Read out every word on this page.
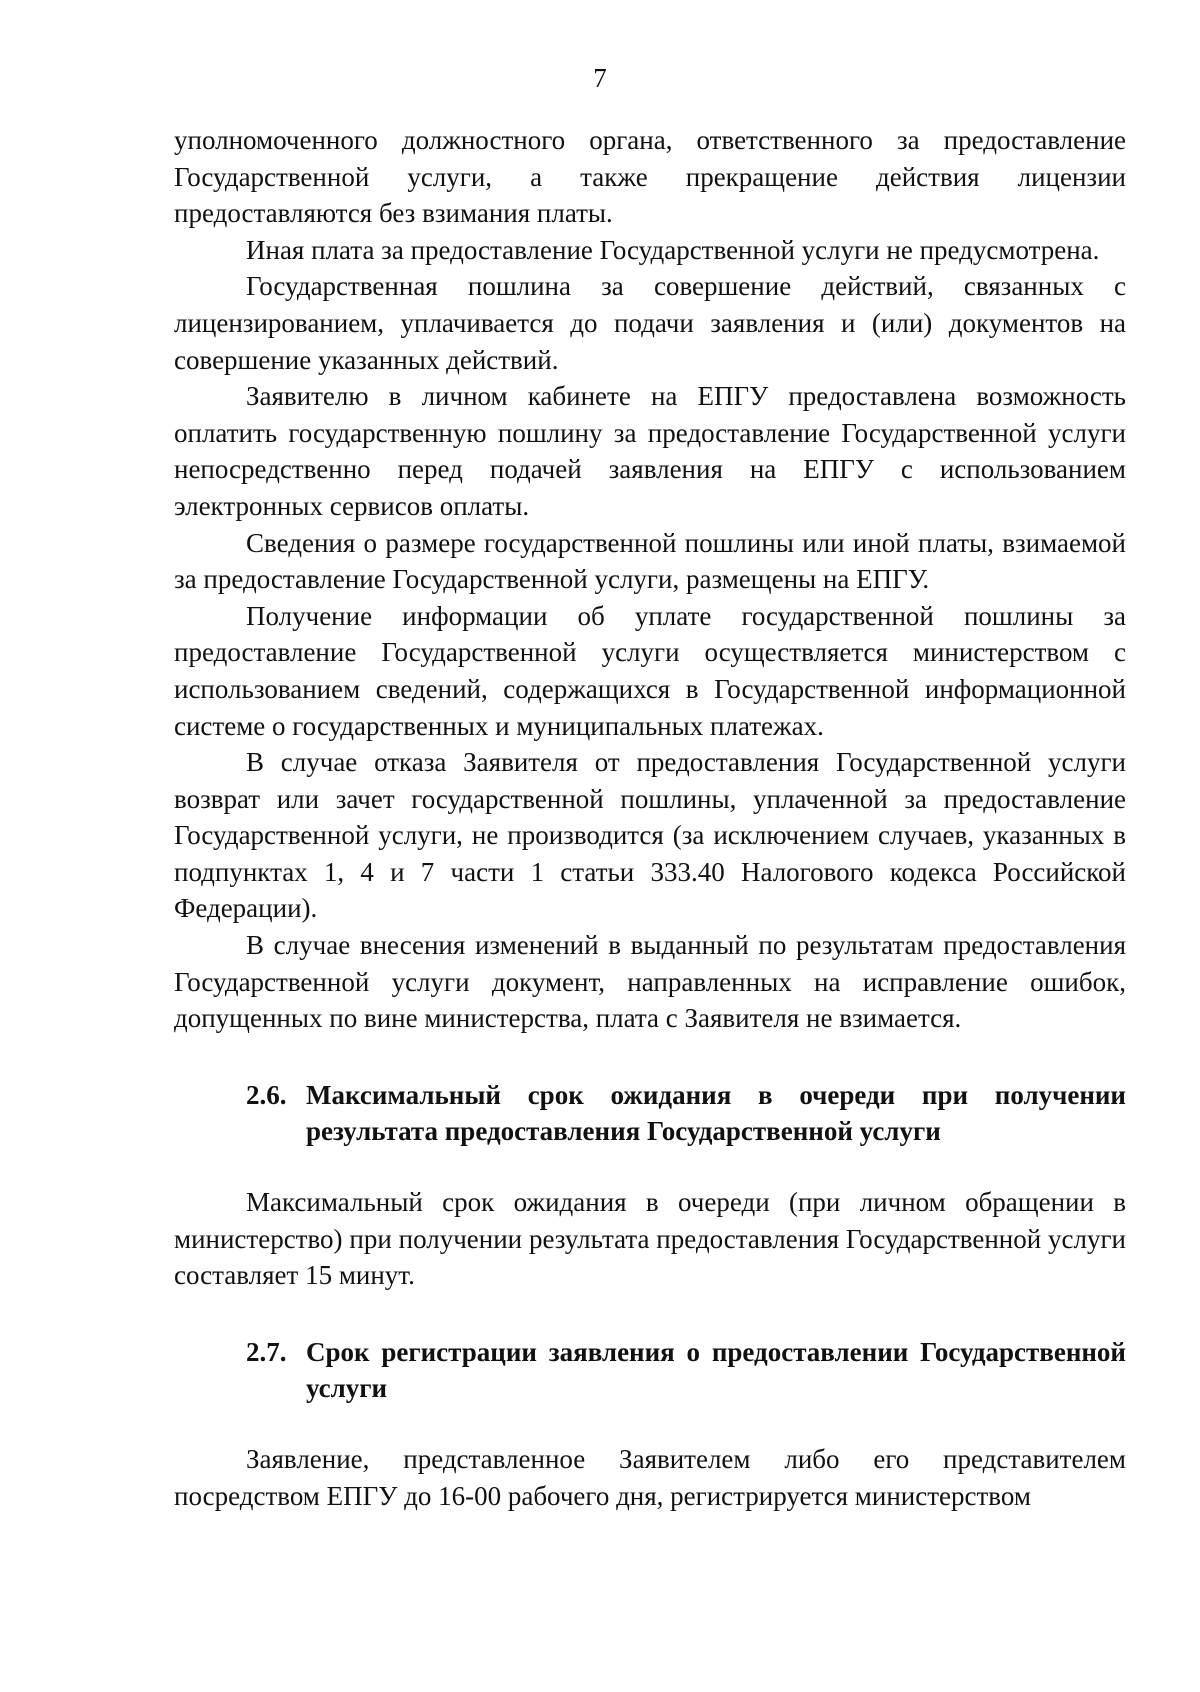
7

уполномоченного должностного органа, ответственного за предоставление Государственной услуги, а также прекращение действия лицензии предоставляются без взимания платы.

Иная плата за предоставление Государственной услуги не предусмотрена.

Государственная пошлина за совершение действий, связанных с лицензированием, уплачивается до подачи заявления и (или) документов на совершение указанных действий.

Заявителю в личном кабинете на ЕПГУ предоставлена возможность оплатить государственную пошлину за предоставление Государственной услуги непосредственно перед подачей заявления на ЕПГУ с использованием электронных сервисов оплаты.

Сведения о размере государственной пошлины или иной платы, взимаемой за предоставление Государственной услуги, размещены на ЕПГУ.

Получение информации об уплате государственной пошлины за предоставление Государственной услуги осуществляется министерством с использованием сведений, содержащихся в Государственной информационной системе о государственных и муниципальных платежах.

В случае отказа Заявителя от предоставления Государственной услуги возврат или зачет государственной пошлины, уплаченной за предоставление Государственной услуги, не производится (за исключением случаев, указанных в подпунктах 1, 4 и 7 части 1 статьи 333.40 Налогового кодекса Российской Федерации).

В случае внесения изменений в выданный по результатам предоставления Государственной услуги документ, направленных на исправление ошибок, допущенных по вине министерства, плата с Заявителя не взимается.

2.6. Максимальный срок ожидания в очереди при получении результата предоставления Государственной услуги

Максимальный срок ожидания в очереди (при личном обращении в министерство) при получении результата предоставления Государственной услуги составляет 15 минут.

2.7. Срок регистрации заявления о предоставлении Государственной услуги

Заявление, представленное Заявителем либо его представителем посредством ЕПГУ до 16-00 рабочего дня, регистрируется министерством
